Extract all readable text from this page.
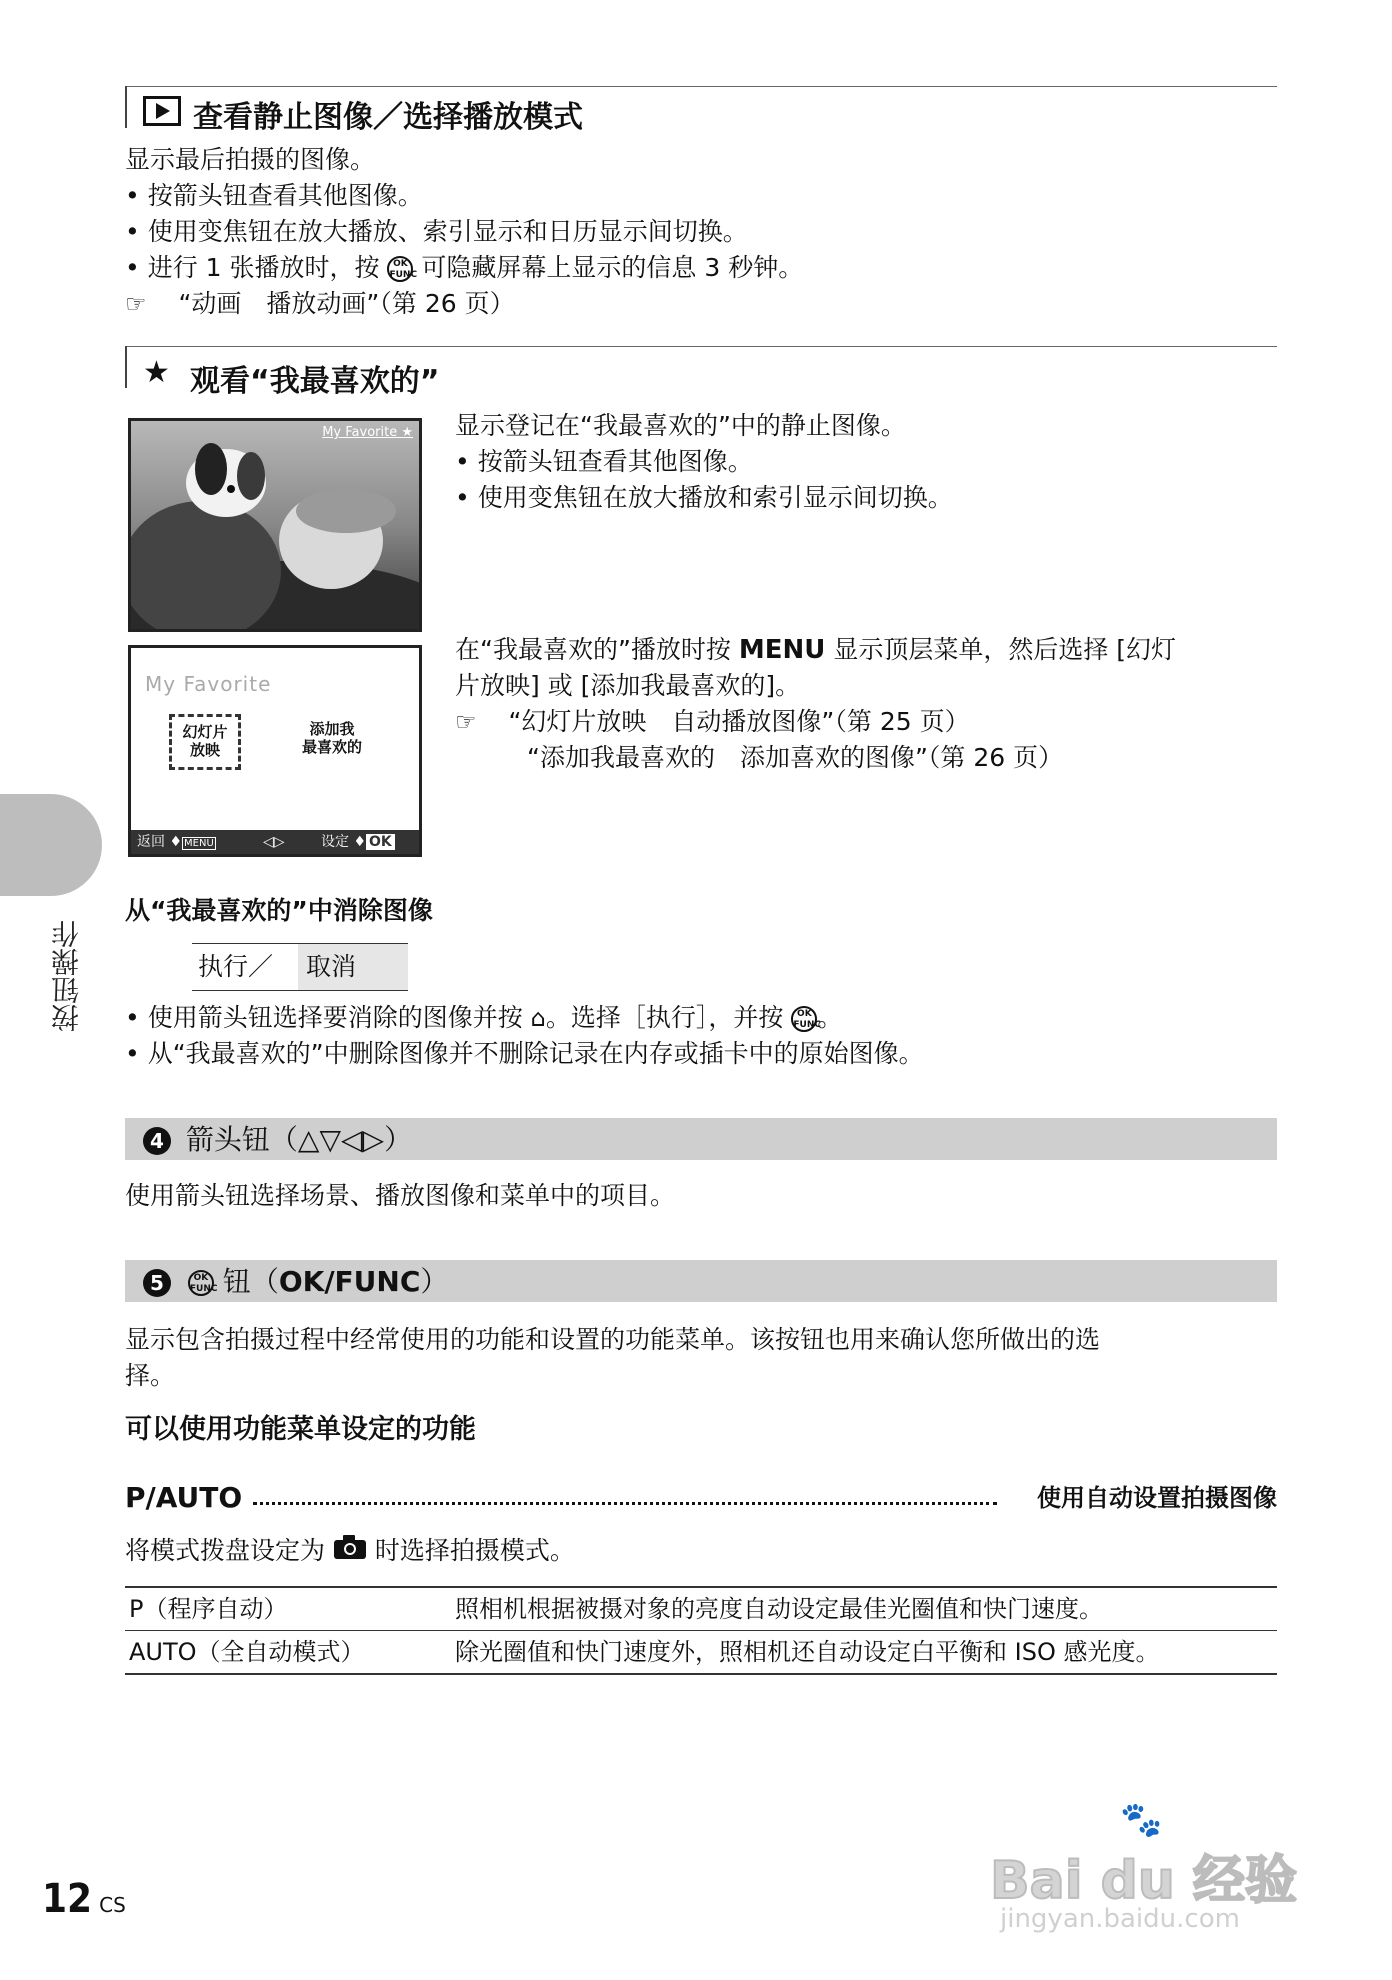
查看静止图像／选择播放模式
显示最后拍摄的图像。
• 按箭头钮查看其他图像。
• 使用变焦钮在放大播放、索引显示和日历显示间切换。
• 进行 1 张播放时，按 OK
FUNC 可隐藏屏幕上显示的信息 3 秒钟。
☞ “动画　播放动画”（第 26 页）
★ 观看“我最喜欢的”
My Favorite ★
My Favorite
幻灯片
放映
添加我
最喜欢的
返回 ♦ MENU	◁▷	设定 ♦ OK
显示登记在“我最喜欢的”中的静止图像。
• 按箭头钮查看其他图像。
• 使用变焦钮在放大播放和索引显示间切换。
在“我最喜欢的”播放时按 MENU 显示顶层菜单，然后选择 [幻灯
片放映] 或 [添加我最喜欢的]。
☞ “幻灯片放映　自动播放图像”（第 25 页）
“添加我最喜欢的　添加喜欢的图像”（第 26 页）
从“我最喜欢的”中消除图像
执行／ 取消
• 使用箭头钮选择要消除的图像并按 ⌂。选择［执行］，并按 OK
FUNC。
• 从“我最喜欢的”中删除图像并不删除记录在内存或插卡中的原始图像。
4 箭头钮（△▽◁▷）
使用箭头钮选择场景、播放图像和菜单中的项目。
5	OK
FUNC 钮（OK/FUNC）
显示包含拍摄过程中经常使用的功能和设置的功能菜单。该按钮也用来确认您所做出的选
择。
可以使用功能菜单设定的功能
P/AUTO	使用自动设置拍摄图像
将模式拨盘设定为 时选择拍摄模式。
P（程序自动）	照相机根据被摄对象的亮度自动设定最佳光圈值和快门速度。
AUTO（全自动模式）	除光圈值和快门速度外，照相机还自动设定白平衡和 ISO 感光度。
按钮操作
12 CS
🐾
Bai du 经验
jingyan.baidu.com
